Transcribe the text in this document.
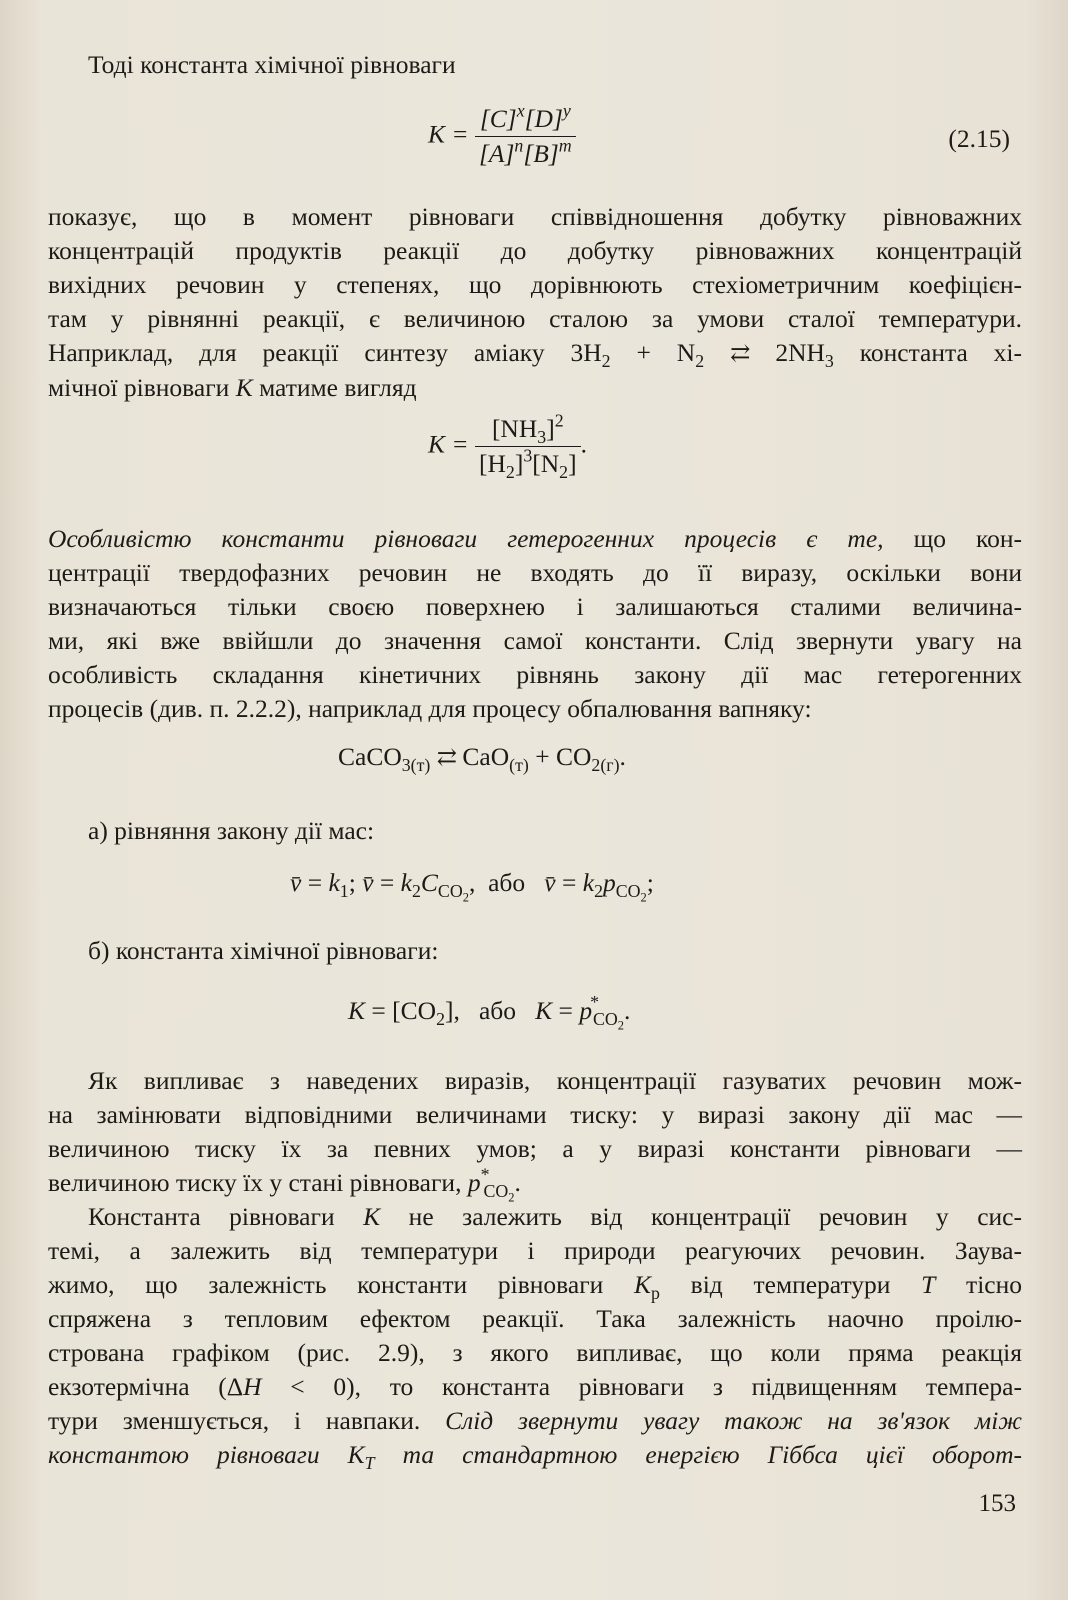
Тоді константа хімічної рівноваги

$K = \frac{[C]^x[D]^y}{[A]^n[B]^m}$	(2.15)
показує, що в момент рівноваги співвідношення добутку рівноважних
концентрацій продуктів реакції до добутку рівноважних концентрацій
вихідних речовин у степенях, що дорівнюють стехіометричним коефіцієн-
там у рівнянні реакції, є величиною сталою за умови сталої температури.
Наприклад, для реакції синтезу аміаку $3H_2 + N_2$ ⇄ $2NH_3$ константа хі-
мічної рівноваги K матиме вигляд
$K = \frac{[NH_3]^2}{[H_2]^3[N_2]}$ .
Особливістю константи рівноваги гетерогенних процесів є те, що кон-
центрації твердофазних речовин не входять до її виразу, оскільки вони
визначаються тільки своєю поверхнею і залишаються сталими величина-
ми, які вже ввійшли до значення самої константи. Слід звернути увагу на
особливість складання кінетичних рівнянь закону дії мас гетерогенних
процесів (див. п. 2.2.2), наприклад для процесу обпалювання вапняку:
CaCO$_{3(т)}$ ⇄ $CaO_{(т)} + CO_{2(г)}$.

а) рівняння закону дії мас:

v̄ = $k_1$; v̄ = $k_2C_{CO_2}$,  або   v̄ = $k_2p_{CO_2}$;

б) константа хімічної рівноваги:

$K = [CO_2]$,   або   $K = p^*_{CO_2}$.
Як випливає з наведених виразів, концентрації газуватих речовин мож-
на замінювати відповідними величинами тиску: у виразі закону дії мас —
величиною тиску їх за певних умов; а у виразі константи рівноваги —
величиною тиску їх у стані рівноваги, $p^*_{CO_2}$.
Константа рівноваги K не залежить від концентрації речовин у сис-
темі, а залежить від температури і природи реагуючих речовин. Заува-
жимо, що залежність константи рівноваги $K_p$ від температури T тісно
спряжена з тепловим ефектом реакції. Така залежність наочно проілю-
стрована графіком (рис. 2.9), з якого випливає, що коли пряма реакція
екзотермічна (ΔH < 0), то константа рівноваги з підвищенням темпера-
тури зменшується, і навпаки. Слід звернути увагу також на зв'язок між
константою рівноваги $K_T$ та стандартною енергією Гіббса цієї оборот-
153
